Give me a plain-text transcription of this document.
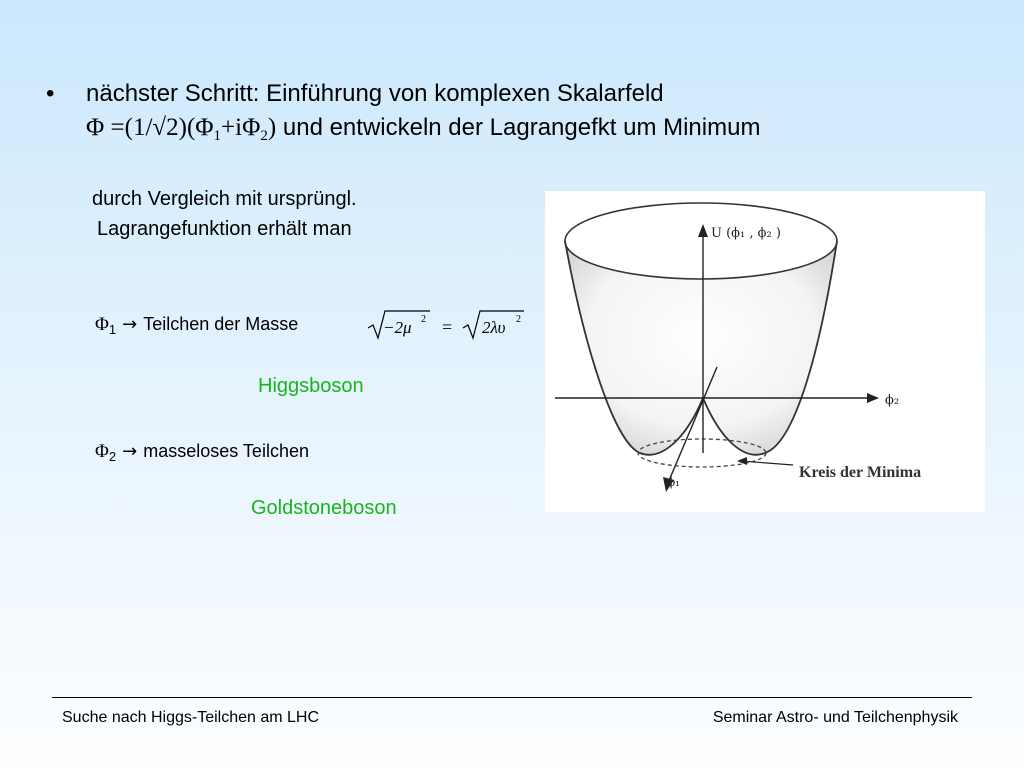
• nächster Schritt: Einführung von komplexen Skalarfeld
$\Phi =(1/√2)(\Phi_1+i\Phi_2)$ und entwickeln der Lagrangefkt um Minimum
durch Vergleich mit ursprüngl.
Lagrangefunktion erhält man
$\Phi_1$ → Teilchen der Masse	−2μ 2 = 2λυ 2
Higgsboson
$\Phi_2$ → masseloses Teilchen
Goldstoneboson
U (ϕ₁ , ϕ₂ )
ϕ₂
ϕ₁
Kreis der Minima
Suche nach Higgs-Teilchen am LHC	Seminar Astro- und Teilchenphysik
